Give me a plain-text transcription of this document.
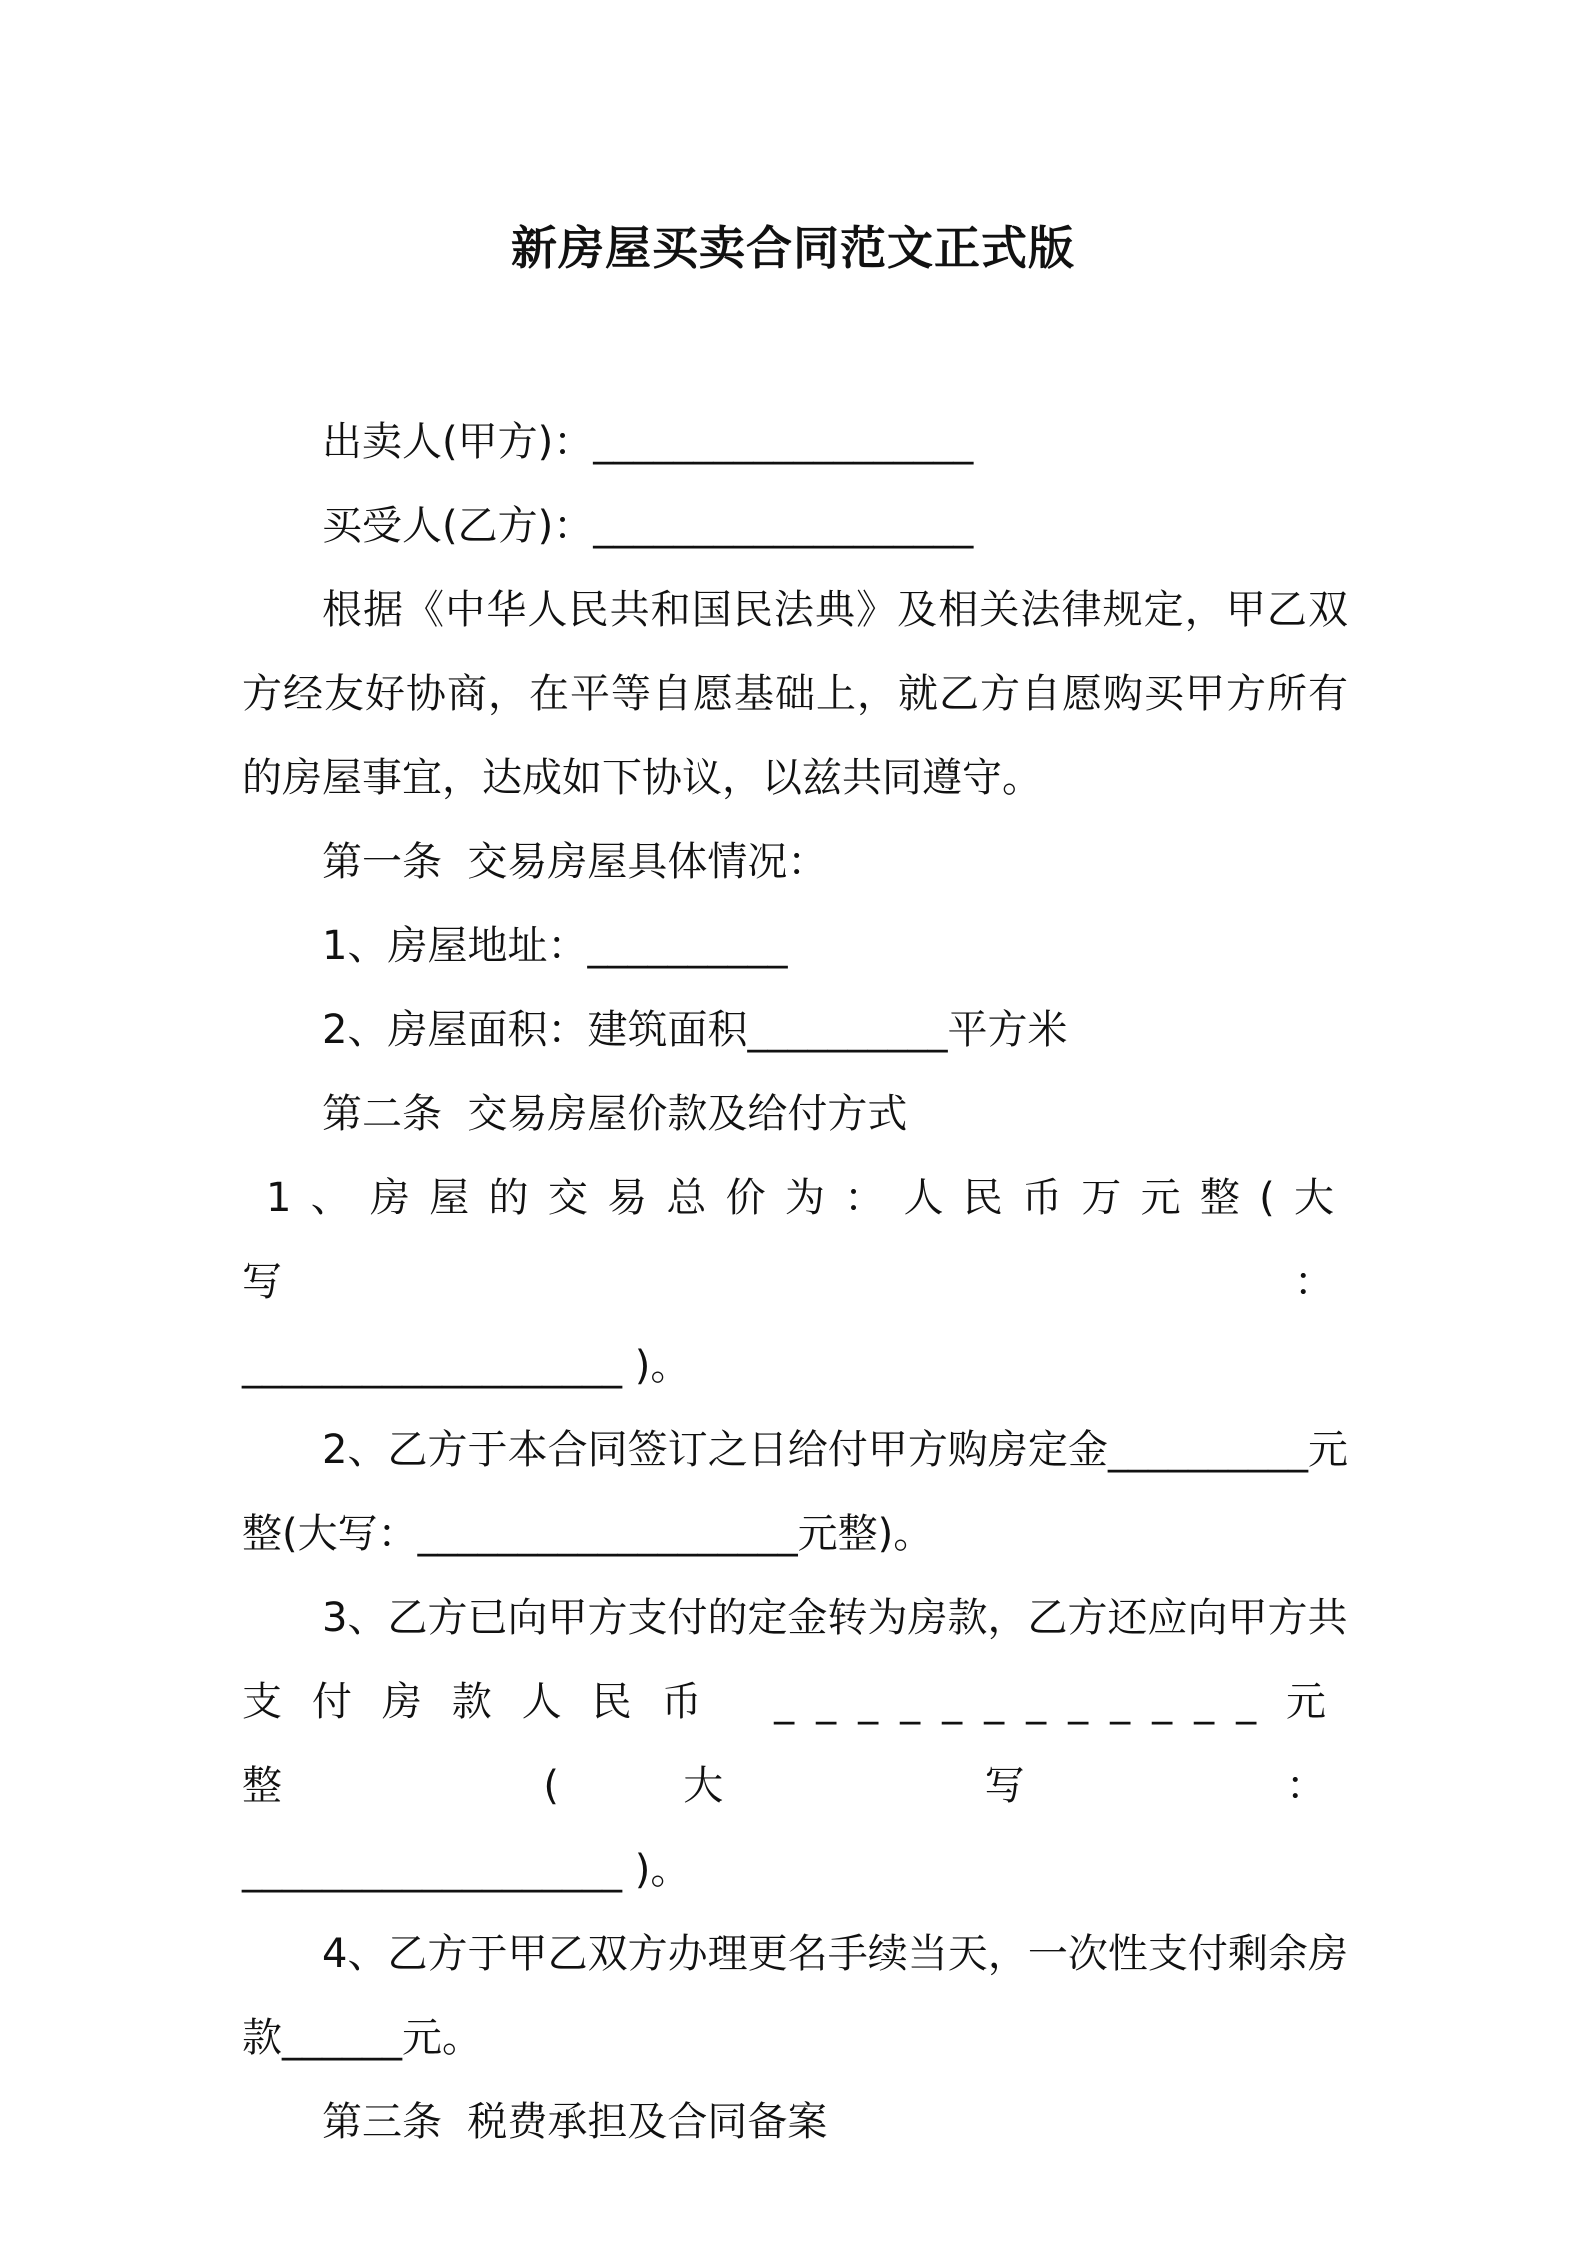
新房屋买卖合同范文正式版

出卖人(甲方)：___________________

买受人(乙方)：___________________

根据《中华人民共和国民法典》及相关法律规定，甲乙双方经友好协商，在平等自愿基础上，就乙方自愿购买甲方所有的房屋事宜，达成如下协议，以兹共同遵守。

第一条  交易房屋具体情况：

1、房屋地址：__________

2、房屋面积：建筑面积__________平方米

第二条  交易房屋价款及给付方式

1、房屋的交易总价为：人民币万元整(大写：

___________________ )。

2、乙方于本合同签订之日给付甲方购房定金__________元整(大写：___________________元整)。

3、乙方已向甲方支付的定金转为房款，乙方还应向甲方共

支付房款人民币 ____________元 整 (大 写 ：

___________________ )。

4、乙方于甲乙双方办理更名手续当天，一次性支付剩余房款______元。

第三条  税费承担及合同备案
